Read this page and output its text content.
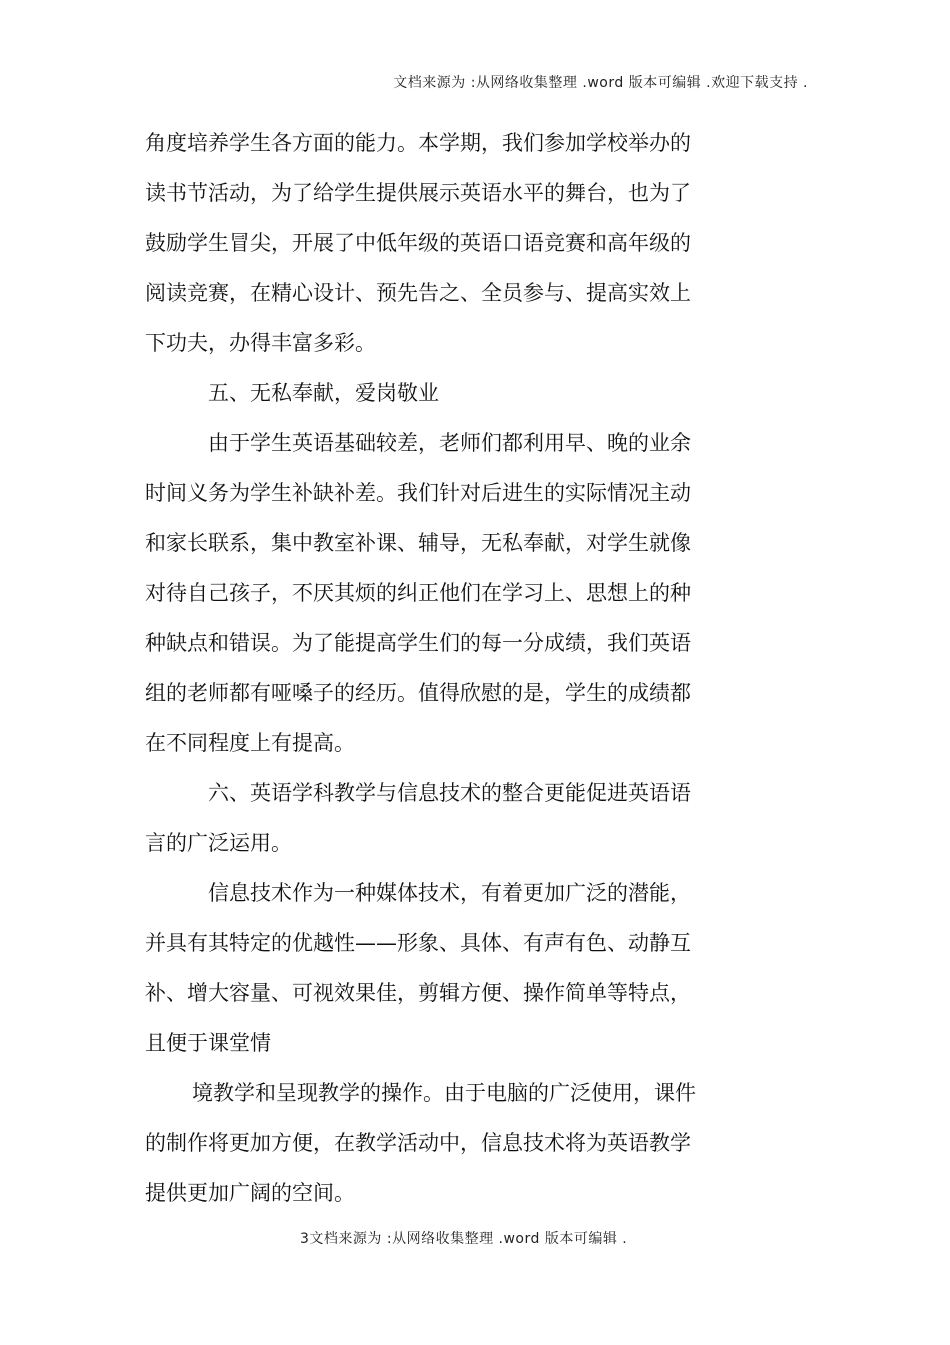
文档来源为 :从网络收集整理 .word 版本可编辑 .欢迎下载支持 .
角度培养学生各方面的能力。本学期，我们参加学校举办的
读书节活动，为了给学生提供展示英语水平的舞台，也为了
鼓励学生冒尖，开展了中低年级的英语口语竞赛和高年级的
阅读竞赛，在精心设计、预先告之、全员参与、提高实效上
下功夫，办得丰富多彩。
五、无私奉献，爱岗敬业
由于学生英语基础较差，老师们都利用早、晚的业余
时间义务为学生补缺补差。我们针对后进生的实际情况主动
和家长联系，集中教室补课、辅导，无私奉献，对学生就像
对待自己孩子，不厌其烦的纠正他们在学习上、思想上的种
种缺点和错误。为了能提高学生们的每一分成绩，我们英语
组的老师都有哑嗓子的经历。值得欣慰的是，学生的成绩都
在不同程度上有提高。
六、英语学科教学与信息技术的整合更能促进英语语
言的广泛运用。
信息技术作为一种媒体技术，有着更加广泛的潜能，
并具有其特定的优越性——形象、具体、有声有色、动静互
补、增大容量、可视效果佳，剪辑方便、操作简单等特点，
且便于课堂情
境教学和呈现教学的操作。由于电脑的广泛使用，课件
的制作将更加方便，在教学活动中，信息技术将为英语教学
提供更加广阔的空间。
3文档来源为 :从网络收集整理 .word 版本可编辑 .
